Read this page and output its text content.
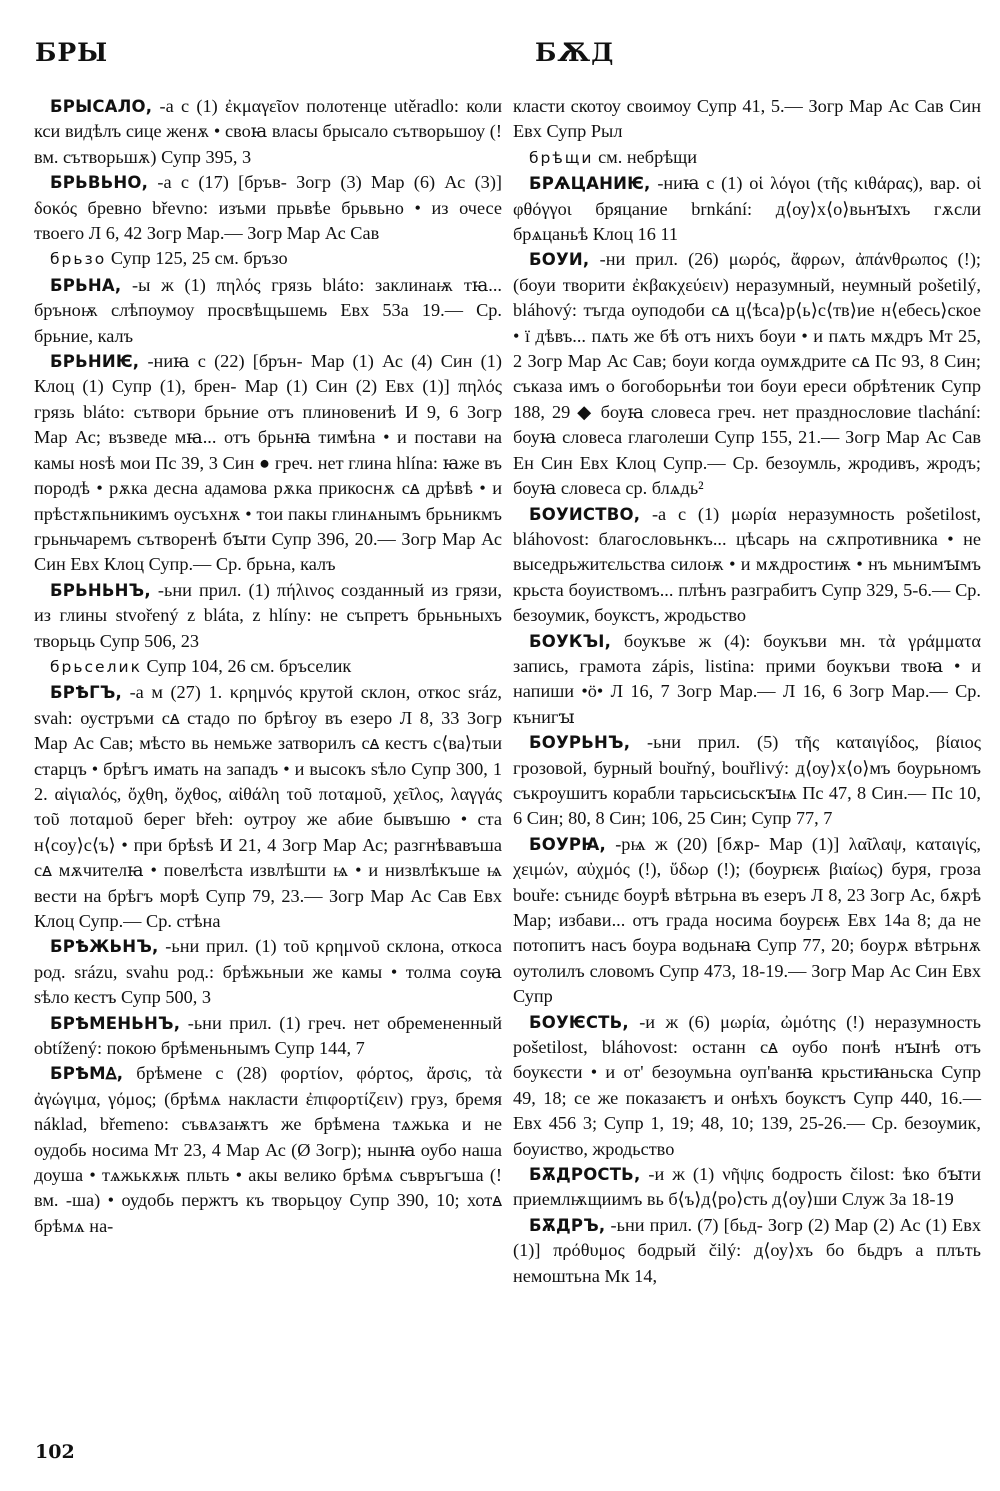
БРЫ	БѪД

БРЫСАЛО, -а с (1) ἐκμαγεῖον полотенце utěradlo: коли кси видѣлъ сице женѫ • своꙗ власы брысало сътворьшоу (! вм. сътворьшѫ) Супр 395, 3

БРЬВЬНО, -а с (17) [бръв- Зогр (3) Мар (6) Ас (3)] δοκός бревно břevno: изъми прьвѣе брьвьно • из очесе твоего Л 6, 42 Зогр Мар.— Зогр Мар Ас Сав

брьзо Супр 125, 25 см. бръзо

БРЬНА, -ы ж (1) πηλός грязь bláto: заклинаѭ тꙗ... бръноѭ слѣпоумоу просвѣщьшемь Евх 53а 19.— Ср. брьние, калъ

БРЬНИѤ, -ниꙗ с (22) [брън- Мар (1) Ас (4) Син (1) Клоц (1) Супр (1), брен- Мар (1) Син (2) Евх (1)] πηλός грязь bláto: сътвори брьние отъ плиновениѣ И 9, 6 Зогр Мар Ас; възведе мꙗ... отъ брьнꙗ тимѣна • и постави на камы ноѕѣ мои Пс 39, 3 Син ● греч. нет глина hlína: ꙗже въ породѣ • рѫка десна адамова рѫка прикоснѫ сꙙ дрѣвѣ • и прѣстѫпьникимъ оусъхнѫ • тои пакы глинѧнымъ брьникмъ грьньчаремъ сътворенѣ бꙑти Супр 396, 20.— Зогр Мар Ас Син Евх Клоц Супр.— Ср. брьна, калъ

БРЬНЬНЪ, -ьни прил. (1) πήλινος созданный из грязи, из глины stvořený z bláta, z hlíny: не съпретъ брьньныхъ творьць Супр 506, 23

брьселик Супр 104, 26 см. бръселик

БРѢГЪ, -а м (27) 1. κρημνός крутой склон, откос sráz, svah: оустръми сꙙ стадо по брѣгоу въ езеро Л 8, 33 Зогр Мар Ас Сав; мѣсто вь немьже затворилъ сꙙ кестъ с⟨ва⟩тыи старцъ • брѣгъ имать на западъ • и высокъ ѕѣло Супр 300, 1 2. αἰγιαλός, ὄχθη, ὄχθος, αἰθάλη τοῦ ποταμοῦ, χεῖλος, λαγγάς τοῦ ποταμοῦ берег břeh: оутроу же абие бывъшю • ста н⟨соу⟩с⟨ъ⟩ • при брѣѕѣ И 21, 4 Зогр Мар Ас; разгнѣвавъша сꙙ мѫчителꙗ • повелѣста извлѣшти ѩ • и низвлѣкъше ѩ вести на брѣгъ морѣ Супр 79, 23.— Зогр Мар Ас Сав Евх Клоц Супр.— Ср. стѣна

БРѢЖЬНЪ, -ьни прил. (1) τοῦ κρημνοῦ склона, откоса род. srázu, svahu род.: брѣжьныи же камы • толма соуꙗ ѕѣло кестъ Супр 500, 3

БРѢМЕНЬНЪ, -ьни прил. (1) греч. нет обремененный obtížený: покою брѣменьнымъ Супр 144, 7

БРѢМꙘ, брѣмене с (28) φορτίον, φόρτος, ἄρσις, τὰ ἀγώγιμα, γόμος; (брѣмѧ накласти ἐπιφορτίζειν) груз, бремя náklad, břemeno: съвѧзаѭтъ же брѣмена тѧжька и не оудобь носима Мт 23, 4 Мар Ас (Ø Зогр); нынꙗ оубо наша доуша • тѧжькѫѭ пльть • акы велико брѣмѧ съвръгъша (! вм. -ша) • оудобь пержтъ къ творьцоу Супр 390, 10; хотꙙ брѣмѧ на-

класти скотоу своимоу Супр 41, 5.— Зогр Мар Ас Сав Син Евх Супр Рыл

брѣщи см. небрѣщи

БРѦЦАНИѤ, -ниꙗ с (1) οἱ λόγοι (τῆς κιθάρας), вар. οἱ φθόγγοι бряцание brnkání: д⟨оу⟩х⟨о⟩вьнꙑхъ гѫсли брѧцаньѣ Клоц 16 11

БОУИ, -ни прил. (26) μωρός, ἄφρων, ἀπάνθρωπος (!); (боуи творити ἐκβακχεύειν) неразумный, неумный pošetilý, bláhový: тъгда оуподоби сꙙ ц⟨ѣса⟩р⟨ь⟩с⟨тв⟩ие н⟨ебесь⟩ское • ї дѣвъ... пѧть же бѣ отъ нихъ боуи • и пѧть мѫдръ Мт 25, 2 Зогр Мар Ас Сав; боуи когда оумѫдрите сꙙ Пс 93, 8 Син; съказа имъ о богоборьнѣи тои боуи ереси обрѣтеник Супр 188, 29 ◆ боуꙗ словеса греч. нет празднословие tlachání: боуꙗ словеса глаголеши Супр 155, 21.— Зогр Мар Ас Сав Ен Син Евх Клоц Супр.— Ср. безоумль, жродивъ, жродъ; боуꙗ словеса ср. блѧдь²

БОУИСТВО, -а с (1) μωρία неразумность pošetilost, bláhovost: благословьнкъ... цѣсарь на сѫпротивника • не выседрьжитєльства силоѭ • и мѫдростиѭ • нъ мьнимꙑмъ крьста боуиствомъ... плѣнъ разграбитъ Супр 329, 5-6.— Ср. безоумик, боукстъ, жродьство

БОУКЪI, боукъве ж (4): боукъви мн. τὰ γράμματα запись, грамота zápis, listina: прими боукъви твоꙗ • и напиши •ӧ• Л 16, 7 Зогр Мар.— Л 16, 6 Зогр Мар.— Ср. кънигꙑ

БОУРЬНЪ, -ьни прил. (5) τῆς καταιγίδος, βίαιος грозовой, бурный bouřný, bouřlivý: д⟨оу⟩х⟨о⟩мъ боурьномъ съкроушитъ корабли тарьсисьскꙑѩ Пс 47, 8 Син.— Пс 10, 6 Син; 80, 8 Син; 106, 25 Син; Супр 77, 7

БОУРꙖ, -рѩ ж (20) [бѫр- Мар (1)] λαῖλαψ, καταιγίς, χειμών, αὐχμός (!), ὕδωρ (!); (боурѥѭ βιαίως) буря, гроза bouře: сънидє боурѣ вѣтрьна въ езеръ Л 8, 23 Зогр Ас, бѫрѣ Мар; избави... отъ града носима боурєѭ Евх 14а 8; да не потопитъ насъ боура водьнаꙗ Супр 77, 20; боурѫ вѣтрьнѫ оутолилъ словомъ Супр 473, 18-19.— Зогр Мар Ас Син Евх Супр

БОУѤСТЬ, -и ж (6) μωρία, ὠμότης (!) неразумность pošetilost, bláhovost: останн сꙙ оубо понѣ нꙑнѣ отъ боукєсти • и от' безоумьна оуп'ванꙗ крьстиꙗньска Супр 49, 18; се же показаѥтъ и онѣхъ боукстъ Супр 440, 16.— Евх 456 3; Супр 1, 19; 48, 10; 139, 25-26.— Ср. безоумик, боуиство, жродьство

БѪДРОСТЬ, -и ж (1) νῆψις бодрость čilost: ѣко бꙑти приемлѭщиимъ вь б⟨ъ⟩д⟨ро⟩сть д⟨оу⟩ши Служ 3а 18-19

БѪДРЪ, -ьни прил. (7) [бьд- Зогр (2) Мар (2) Ас (1) Евх (1)] πρόθυμος бодрый čilý: д⟨оу⟩хъ бо бьдръ а плъть немоштьна Мк 14,

102
